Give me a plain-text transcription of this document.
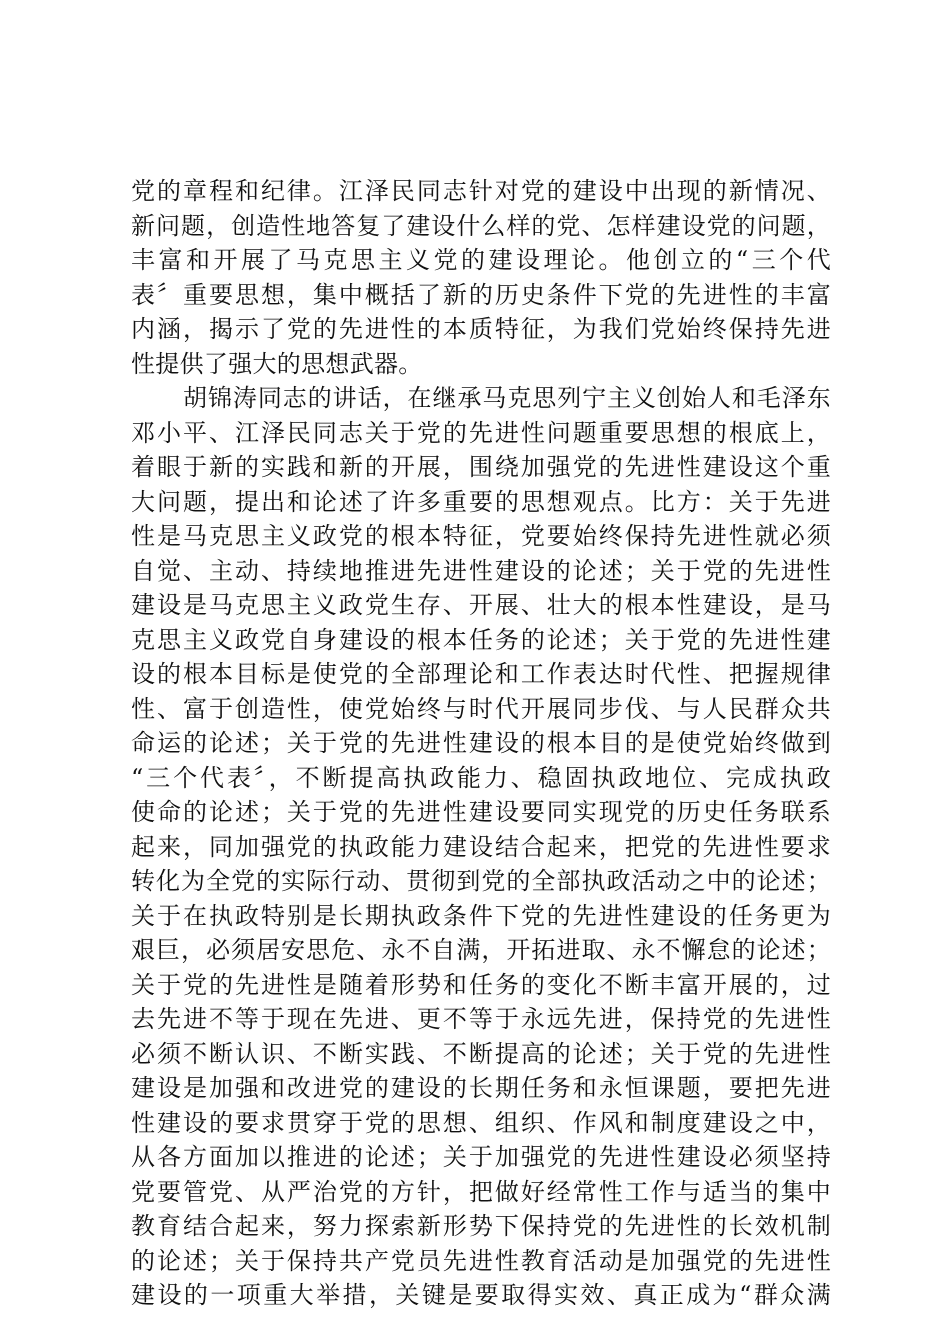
党的章程和纪律。江泽民同志针对党的建设中出现的新情况、
新问题，创造性地答复了建设什么样的党、怎样建设党的问题，
丰富和开展了马克思主义党的建设理论。他创立的“三个代
表〞重要思想，集中概括了新的历史条件下党的先进性的丰富
内涵，揭示了党的先进性的本质特征，为我们党始终保持先进
性提供了强大的思想武器。
胡锦涛同志的讲话，在继承马克思列宁主义创始人和毛泽东
邓小平、江泽民同志关于党的先进性问题重要思想的根底上，
着眼于新的实践和新的开展，围绕加强党的先进性建设这个重
大问题，提出和论述了许多重要的思想观点。比方：关于先进
性是马克思主义政党的根本特征，党要始终保持先进性就必须
自觉、主动、持续地推进先进性建设的论述；关于党的先进性
建设是马克思主义政党生存、开展、壮大的根本性建设，是马
克思主义政党自身建设的根本任务的论述；关于党的先进性建
设的根本目标是使党的全部理论和工作表达时代性、把握规律
性、富于创造性，使党始终与时代开展同步伐、与人民群众共
命运的论述；关于党的先进性建设的根本目的是使党始终做到
“三个代表〞，不断提高执政能力、稳固执政地位、完成执政
使命的论述；关于党的先进性建设要同实现党的历史任务联系
起来，同加强党的执政能力建设结合起来，把党的先进性要求
转化为全党的实际行动、贯彻到党的全部执政活动之中的论述；
关于在执政特别是长期执政条件下党的先进性建设的任务更为
艰巨，必须居安思危、永不自满，开拓进取、永不懈怠的论述；
关于党的先进性是随着形势和任务的变化不断丰富开展的，过
去先进不等于现在先进、更不等于永远先进，保持党的先进性
必须不断认识、不断实践、不断提高的论述；关于党的先进性
建设是加强和改进党的建设的长期任务和永恒课题，要把先进
性建设的要求贯穿于党的思想、组织、作风和制度建设之中，
从各方面加以推进的论述；关于加强党的先进性建设必须坚持
党要管党、从严治党的方针，把做好经常性工作与适当的集中
教育结合起来，努力探索新形势下保持党的先进性的长效机制
的论述；关于保持共产党员先进性教育活动是加强党的先进性
建设的一项重大举措，关键是要取得实效、真正成为“群众满
